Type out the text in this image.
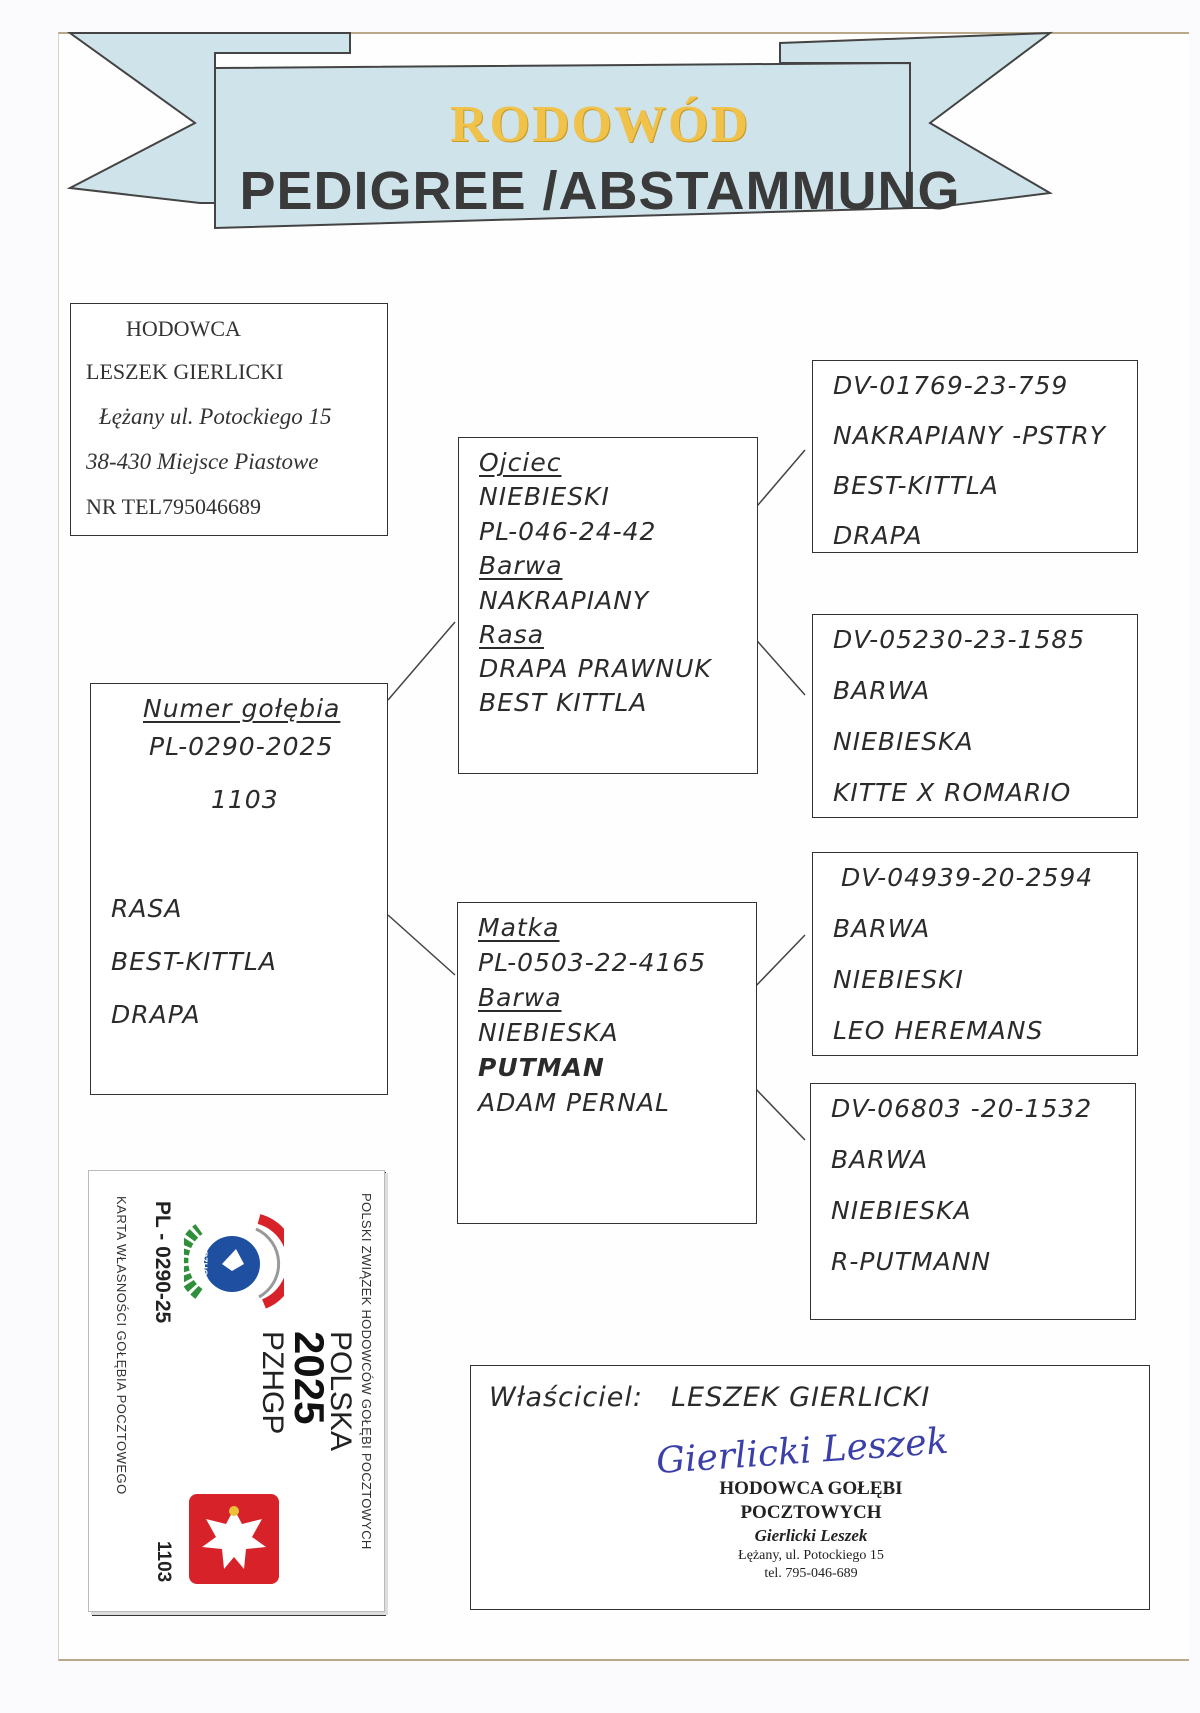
RODOWÓD
PEDIGREE /ABSTAMMUNG
HODOWCA
LESZEK GIERLICKI
Łężany ul. Potockiego 15
38-430 Miejsce Piastowe
NR TEL795046689
Numer gołębia
PL-0290-2025
1103
RASA
BEST-KITTLA
DRAPA
Ojciec
NIEBIESKI
PL-046-24-42
Barwa
NAKRAPIANY
Rasa
DRAPA PRAWNUK
BEST KITTLA
Matka
PL-0503-22-4165
Barwa
NIEBIESKA
PUTMAN
ADAM PERNAL
DV-01769-23-759
NAKRAPIANY -PSTRY
BEST-KITTLA
DRAPA
DV-05230-23-1585
BARWA
NIEBIESKA
KITTE X ROMARIO
DV-04939-20-2594
BARWA
NIEBIESKI
LEO HEREMANS
DV-06803 -20-1532
BARWA
NIEBIESKA
R-PUTMANN
POLSKI ZWIĄZEK HODOWCÓW GOŁĘBI POCZTOWYCH
PZHGP
POLSKA
2025
PZHGP
PL - 0290-25
1103
KARTA WŁASNOŚCI GOŁĘBIA POCZTOWEGO	Właściciel: LESZEK GIERLICKI
Gierlicki Leszek
HODOWCA GOŁĘBI
POCZTOWYCH
Gierlicki Leszek
Łężany, ul. Potockiego 15
tel. 795-046-689
